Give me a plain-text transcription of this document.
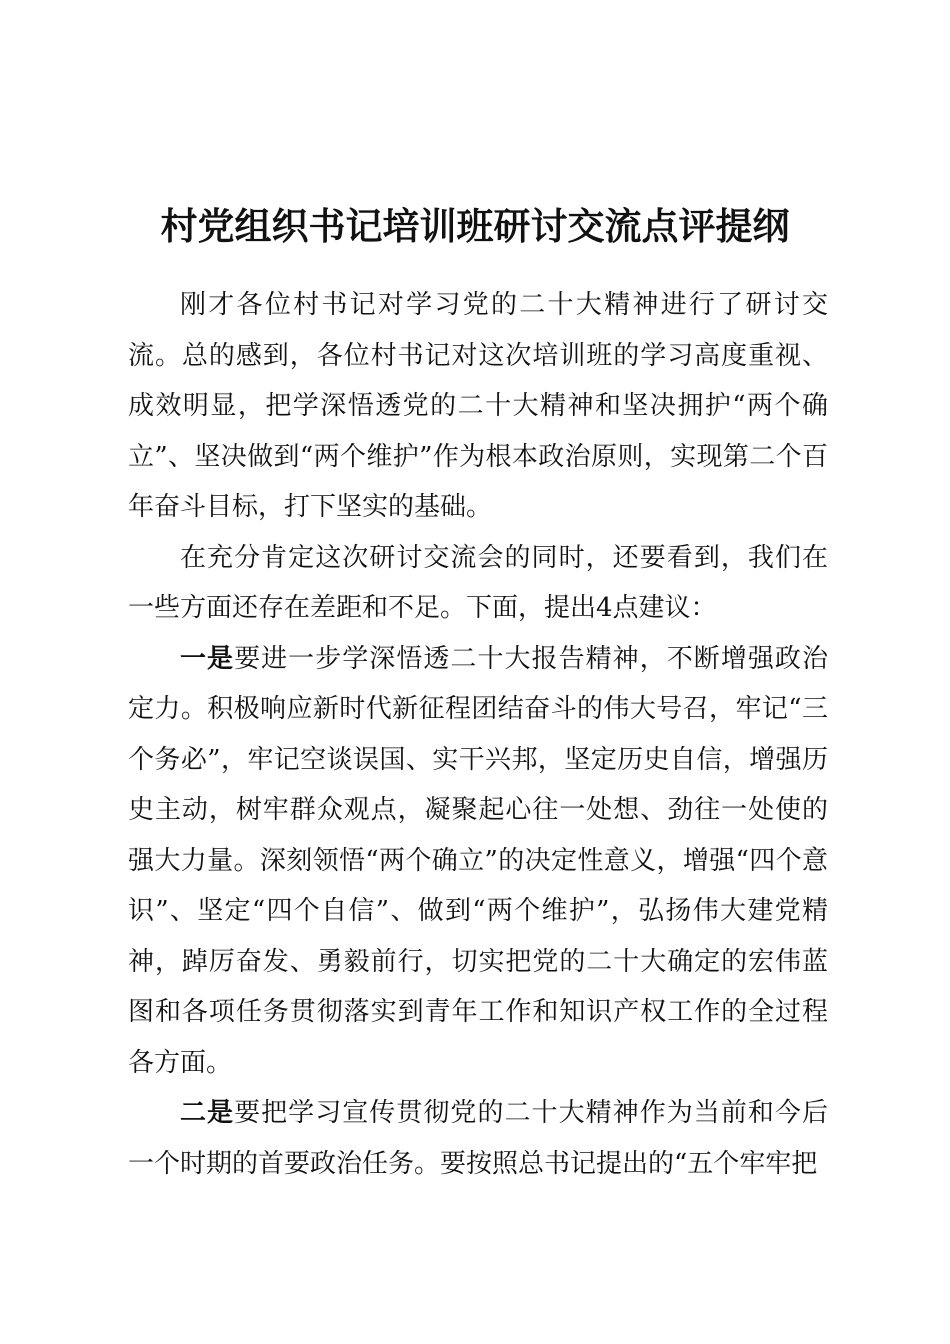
村党组织书记培训班研讨交流点评提纲

刚才各位村书记对学习党的二十大精神进行了研讨交流。总的感到，各位村书记对这次培训班的学习高度重视、成效明显，把学深悟透党的二十大精神和坚决拥护“两个确立”、坚决做到“两个维护”作为根本政治原则，实现第二个百年奋斗目标，打下坚实的基础。

在充分肯定这次研讨交流会的同时，还要看到，我们在一些方面还存在差距和不足。下面，提出4点建议：

一是要进一步学深悟透二十大报告精神，不断增强政治定力。积极响应新时代新征程团结奋斗的伟大号召，牢记“三个务必”，牢记空谈误国、实干兴邦，坚定历史自信，增强历史主动，树牢群众观点，凝聚起心往一处想、劲往一处使的强大力量。深刻领悟“两个确立”的决定性意义，增强“四个意识”、坚定“四个自信”、做到“两个维护”，弘扬伟大建党精神，踔厉奋发、勇毅前行，切实把党的二十大确定的宏伟蓝图和各项任务贯彻落实到青年工作和知识产权工作的全过程各方面。

二是要把学习宣传贯彻党的二十大精神作为当前和今后一个时期的首要政治任务。要按照总书记提出的“五个牢牢把
